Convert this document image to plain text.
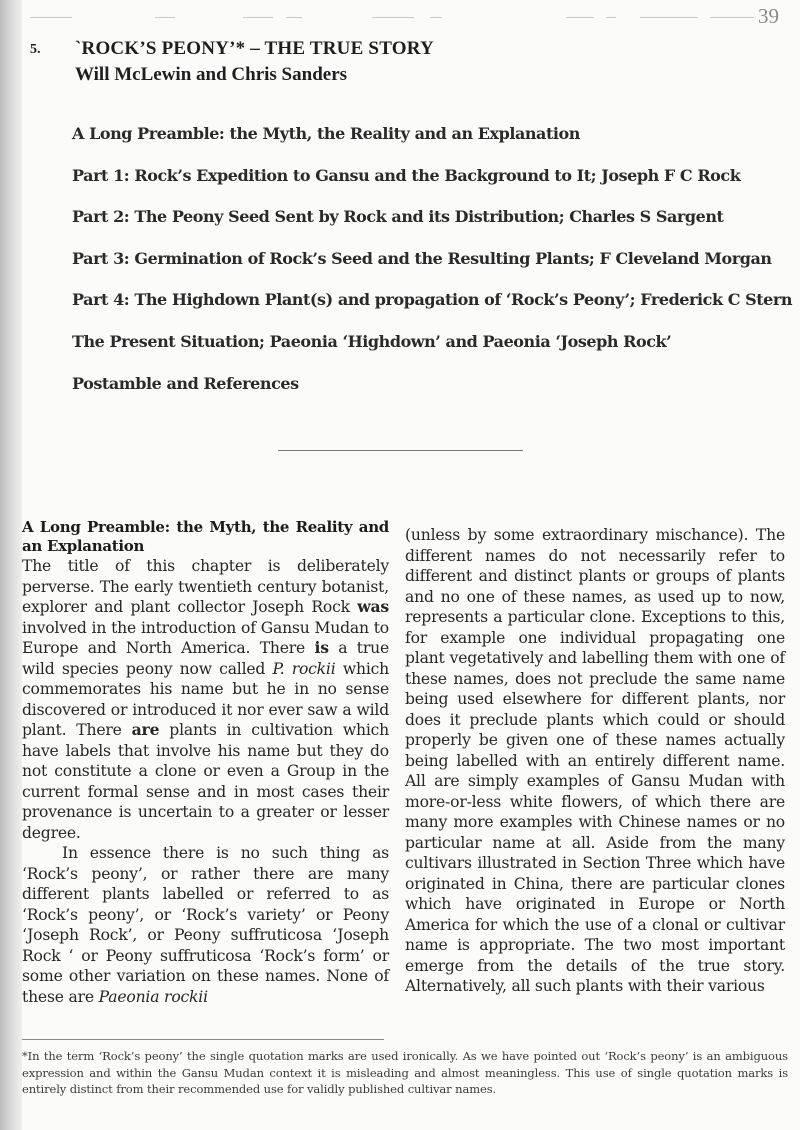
39
5. `ROCK’S PEONY’* – THE TRUE STORY
Will McLewin and Chris Sanders
A Long Preamble: the Myth, the Reality and an Explanation
Part 1: Rock’s Expedition to Gansu and the Background to It; Joseph F C Rock
Part 2: The Peony Seed Sent by Rock and its Distribution; Charles S Sargent
Part 3: Germination of Rock’s Seed and the Resulting Plants; F Cleveland Morgan
Part 4: The Highdown Plant(s) and propagation of ‘Rock’s Peony’; Frederick C Stern
The Present Situation; Paeonia ‘Highdown’ and Paeonia ‘Joseph Rock’
Postamble and References
A Long Preamble: the Myth, the Reality and an Explanation

The title of this chapter is deliberately perverse. The early twentieth century botanist, explorer and plant collector Joseph Rock was involved in the introduction of Gansu Mudan to Europe and North America. There is a true wild species peony now called P. rockii which commemorates his name but he in no sense discovered or introduced it nor ever saw a wild plant. There are plants in cultivation which have labels that involve his name but they do not constitute a clone or even a Group in the current formal sense and in most cases their provenance is uncertain to a greater or lesser degree.

In essence there is no such thing as ‘Rock’s peony’, or rather there are many different plants labelled or referred to as ‘Rock’s peony’, or ‘Rock’s variety’ or Peony ‘Joseph Rock’, or Peony suffruticosa ‘Joseph Rock ‘ or Peony suffruticosa ‘Rock’s form’ or some other variation on these names. None of these are Paeonia rockii

(unless by some extraordinary mischance). The different names do not necessarily refer to different and distinct plants or groups of plants and no one of these names, as used up to now, represents a particular clone. Exceptions to this, for example one individual propagating one plant vegetatively and labelling them with one of these names, does not preclude the same name being used elsewhere for different plants, nor does it preclude plants which could or should properly be given one of these names actually being labelled with an entirely different name. All are simply examples of Gansu Mudan with more-or-less white flowers, of which there are many more examples with Chinese names or no particular name at all. Aside from the many cultivars illustrated in Section Three which have originated in China, there are particular clones which have originated in Europe or North America for which the use of a clonal or cultivar name is appropriate. The two most important emerge from the details of the true story. Alternatively, all such plants with their various

*In the term ‘Rock’s peony’ the single quotation marks are used ironically. As we have pointed out ‘Rock’s peony’ is an ambiguous expression and within the Gansu Mudan context it is misleading and almost meaningless. This use of single quotation marks is entirely distinct from their recommended use for validly published cultivar names.
